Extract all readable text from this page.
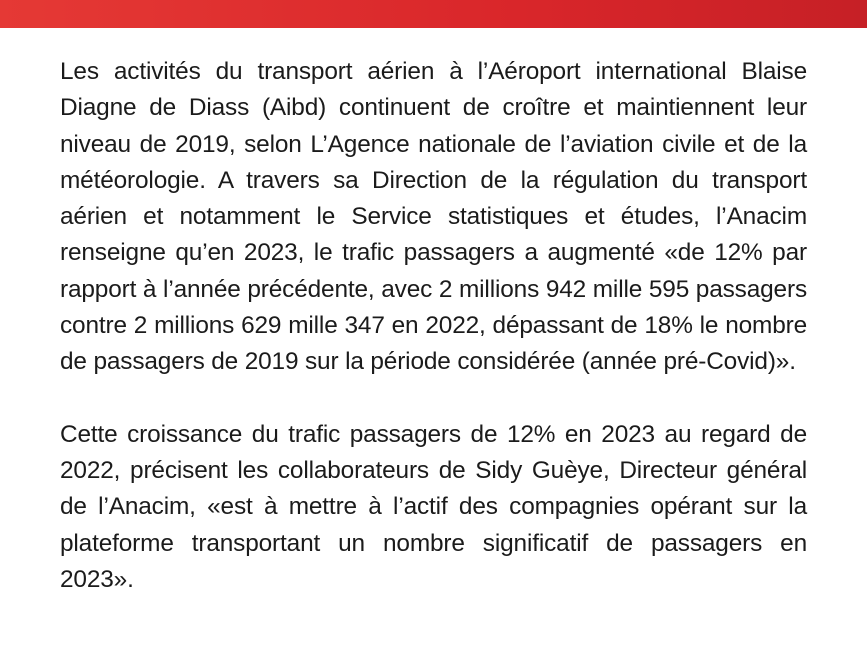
Les activités du transport aérien à l’Aéroport international Blaise Diagne de Diass (Aibd) continuent de croître et maintiennent leur niveau de 2019, selon L’Agence nationale de l’aviation civile et de la météorologie. A travers sa Direction de la régulation du transport aérien et notamment le Service statistiques et études, l’Anacim renseigne qu’en 2023, le trafic passagers a augmenté «de 12% par rapport à l’année précédente, avec 2 millions 942 mille 595 passagers contre 2 millions 629 mille 347 en 2022, dépassant de 18% le nombre de passagers de 2019 sur la période considérée (année pré-Covid)».

Cette croissance du trafic passagers de 12% en 2023 au regard de 2022, précisent les collaborateurs de Sidy Guèye, Directeur général de l’Anacim, «est à mettre à l’actif des compagnies opérant sur la plateforme transportant un nombre significatif de passagers en 2023».
